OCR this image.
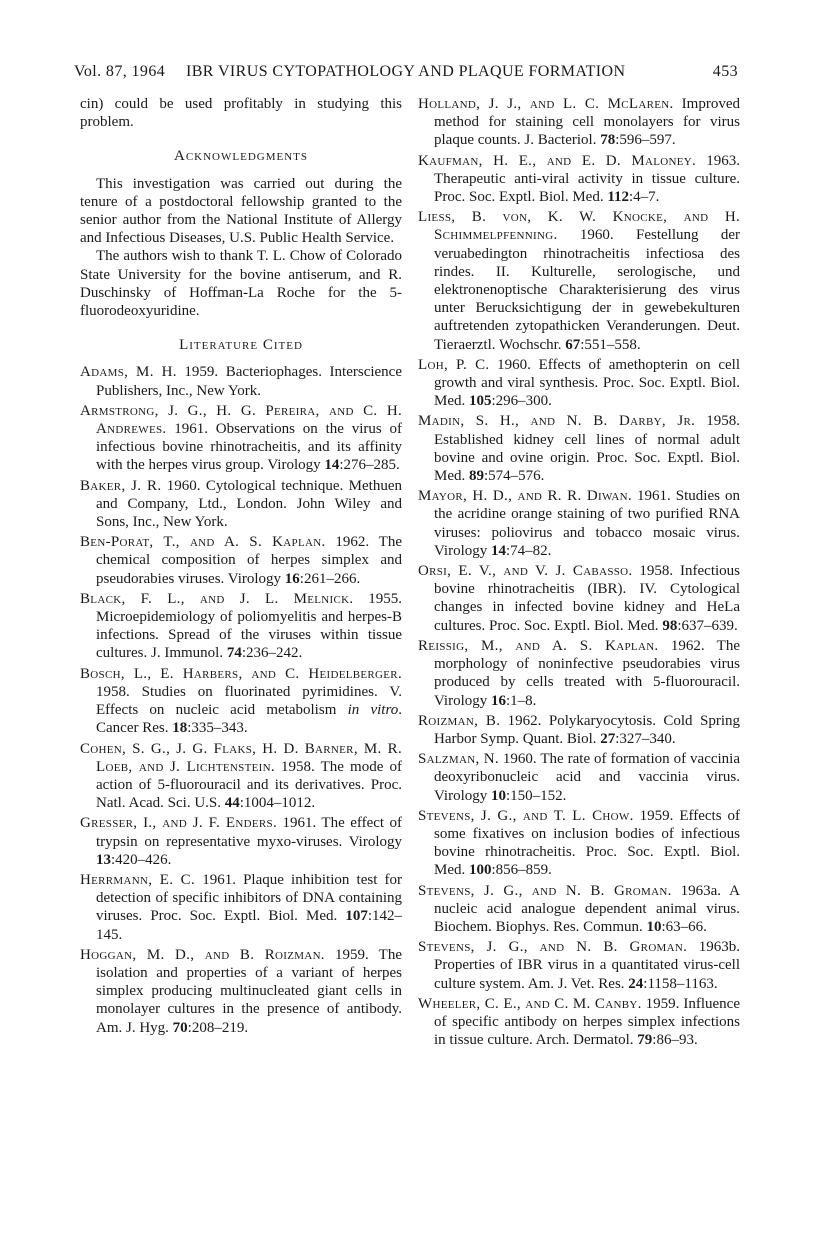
Vol. 87, 1964 IBR VIRUS CYTOPATHOLOGY AND PLAQUE FORMATION	453

cin) could be used profitably in studying this problem.

Acknowledgments

This investigation was carried out during the tenure of a postdoctoral fellowship granted to the senior author from the National Institute of Allergy and Infectious Diseases, U.S. Public Health Service.

The authors wish to thank T. L. Chow of Colorado State University for the bovine antiserum, and R. Duschinsky of Hoffman-La Roche for the 5-fluorodeoxyuridine.

Literature Cited

Adams, M. H. 1959. Bacteriophages. Interscience Publishers, Inc., New York.

Armstrong, J. G., H. G. Pereira, and C. H. Andrewes. 1961. Observations on the virus of infectious bovine rhinotracheitis, and its affinity with the herpes virus group. Virology 14:276–285.

Baker, J. R. 1960. Cytological technique. Methuen and Company, Ltd., London. John Wiley and Sons, Inc., New York.

Ben-Porat, T., and A. S. Kaplan. 1962. The chemical composition of herpes simplex and pseudorabies viruses. Virology 16:261–266.

Black, F. L., and J. L. Melnick. 1955. Microepidemiology of poliomyelitis and herpes-B infections. Spread of the viruses within tissue cultures. J. Immunol. 74:236–242.

Bosch, L., E. Harbers, and C. Heidelberger. 1958. Studies on fluorinated pyrimidines. V. Effects on nucleic acid metabolism in vitro. Cancer Res. 18:335–343.

Cohen, S. G., J. G. Flaks, H. D. Barner, M. R. Loeb, and J. Lichtenstein. 1958. The mode of action of 5-fluorouracil and its derivatives. Proc. Natl. Acad. Sci. U.S. 44:1004–1012.

Gresser, I., and J. F. Enders. 1961. The effect of trypsin on representative myxo-viruses. Virology 13:420–426.

Herrmann, E. C. 1961. Plaque inhibition test for detection of specific inhibitors of DNA containing viruses. Proc. Soc. Exptl. Biol. Med. 107:142–145.

Hoggan, M. D., and B. Roizman. 1959. The isolation and properties of a variant of herpes simplex producing multinucleated giant cells in monolayer cultures in the presence of antibody. Am. J. Hyg. 70:208–219.

Holland, J. J., and L. C. McLaren. Improved method for staining cell monolayers for virus plaque counts. J. Bacteriol. 78:596–597.

Kaufman, H. E., and E. D. Maloney. 1963. Therapeutic anti-viral activity in tissue culture. Proc. Soc. Exptl. Biol. Med. 112:4–7.

Liess, B. von, K. W. Knocke, and H. Schimmelpfenning. 1960. Festellung der veruabedington rhinotracheitis infectiosa des rindes. II. Kulturelle, serologische, und elektronenoptische Charakterisierung des virus unter Berucksichtigung der in gewebekulturen auftretenden zytopathicken Veranderungen. Deut. Tieraerztl. Wochschr. 67:551–558.

Loh, P. C. 1960. Effects of amethopterin on cell growth and viral synthesis. Proc. Soc. Exptl. Biol. Med. 105:296–300.

Madin, S. H., and N. B. Darby, Jr. 1958. Established kidney cell lines of normal adult bovine and ovine origin. Proc. Soc. Exptl. Biol. Med. 89:574–576.

Mayor, H. D., and R. R. Diwan. 1961. Studies on the acridine orange staining of two purified RNA viruses: poliovirus and tobacco mosaic virus. Virology 14:74–82.

Orsi, E. V., and V. J. Cabasso. 1958. Infectious bovine rhinotracheitis (IBR). IV. Cytological changes in infected bovine kidney and HeLa cultures. Proc. Soc. Exptl. Biol. Med. 98:637–639.

Reissig, M., and A. S. Kaplan. 1962. The morphology of noninfective pseudorabies virus produced by cells treated with 5-fluorouracil. Virology 16:1–8.

Roizman, B. 1962. Polykaryocytosis. Cold Spring Harbor Symp. Quant. Biol. 27:327–340.

Salzman, N. 1960. The rate of formation of vaccinia deoxyribonucleic acid and vaccinia virus. Virology 10:150–152.

Stevens, J. G., and T. L. Chow. 1959. Effects of some fixatives on inclusion bodies of infectious bovine rhinotracheitis. Proc. Soc. Exptl. Biol. Med. 100:856–859.

Stevens, J. G., and N. B. Groman. 1963a. A nucleic acid analogue dependent animal virus. Biochem. Biophys. Res. Commun. 10:63–66.

Stevens, J. G., and N. B. Groman. 1963b. Properties of IBR virus in a quantitated virus-cell culture system. Am. J. Vet. Res. 24:1158–1163.

Wheeler, C. E., and C. M. Canby. 1959. Influence of specific antibody on herpes simplex infections in tissue culture. Arch. Dermatol. 79:86–93.
